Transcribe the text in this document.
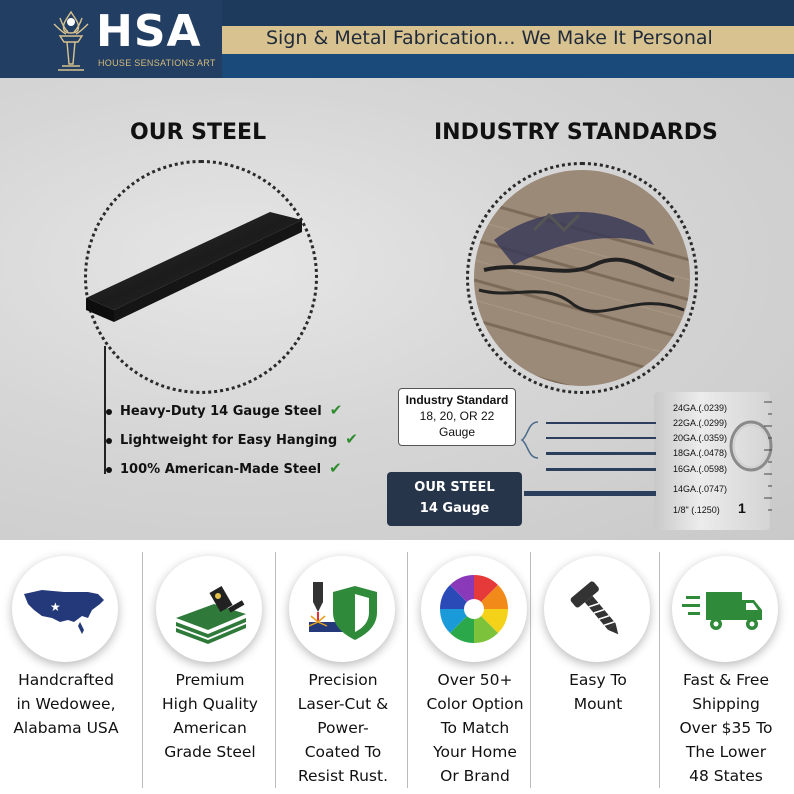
HSA
HOUSE SENSATIONS ART
Sign & Metal Fabrication... We Make It Personal
OUR STEEL	INDUSTRY STANDARDS
Heavy-Duty 14 Gauge Steel ✔
Lightweight for Easy Hanging ✔
100% American-Made Steel ✔
Industry Standard
18, 20, OR 22
Gauge
OUR STEEL
14 Gauge
24GA.(.0239)
22GA.(.0299)
20GA.(.0359)
18GA.(.0478)
16GA.(.0598)
14GA.(.0747)
1/8" (.1250) 1
★
Handcrafted
in Wedowee,
Alabama USA
Premium
High Quality
American
Grade Steel
Precision
Laser-Cut &
Power-
Coated To
Resist Rust.
Over 50+
Color Option
To Match
Your Home
Or Brand
Easy To
Mount
Fast & Free
Shipping
Over $35 To
The Lower
48 States
